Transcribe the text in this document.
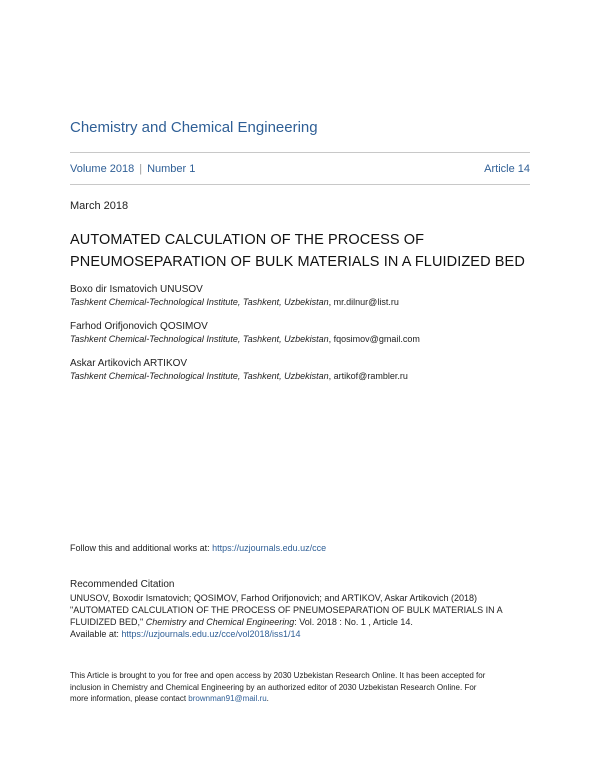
Chemistry and Chemical Engineering
Volume 2018 | Number 1	Article 14
March 2018
AUTOMATED CALCULATION OF THE PROCESS OF
PNEUMOSEPARATION OF BULK MATERIALS IN A FLUIDIZED BED
Boxo dir Ismatovich UNUSOV
Tashkent Chemical-Technological Institute, Tashkent, Uzbekistan, mr.dilnur@list.ru
Farhod Orifjonovich QOSIMOV
Tashkent Chemical-Technological Institute, Tashkent, Uzbekistan, fqosimov@gmail.com
Askar Artikovich ARTIKOV
Tashkent Chemical-Technological Institute, Tashkent, Uzbekistan, artikof@rambler.ru
Follow this and additional works at: https://uzjournals.edu.uz/cce
Recommended Citation
UNUSOV, Boxodir Ismatovich; QOSIMOV, Farhod Orifjonovich; and ARTIKOV, Askar Artikovich (2018)
"AUTOMATED CALCULATION OF THE PROCESS OF PNEUMOSEPARATION OF BULK MATERIALS IN A
FLUIDIZED BED," Chemistry and Chemical Engineering: Vol. 2018 : No. 1 , Article 14.
Available at: https://uzjournals.edu.uz/cce/vol2018/iss1/14
This Article is brought to you for free and open access by 2030 Uzbekistan Research Online. It has been accepted for
inclusion in Chemistry and Chemical Engineering by an authorized editor of 2030 Uzbekistan Research Online. For
more information, please contact brownman91@mail.ru.
